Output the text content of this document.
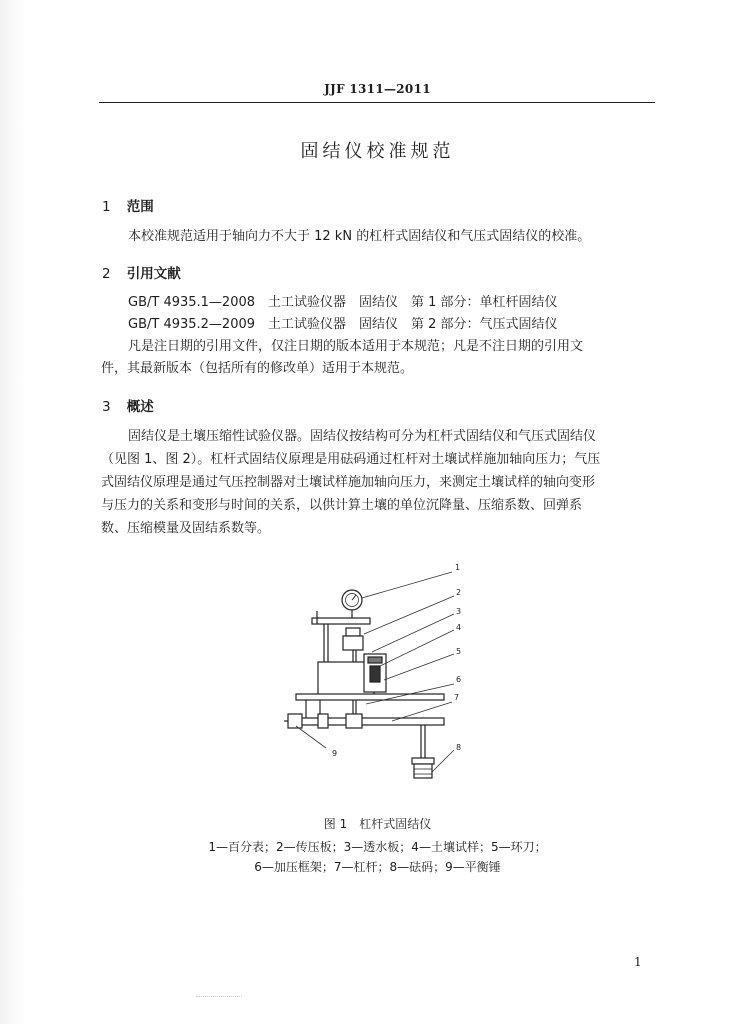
JJF 1311—2011
固结仪校准规范
1 范围
本校准规范适用于轴向力不大于 12 kN 的杠杆式固结仪和气压式固结仪的校准。
2 引用文献
GB/T 4935.1—2008　土工试验仪器　固结仪　第 1 部分：单杠杆固结仪
GB/T 4935.2—2009　土工试验仪器　固结仪　第 2 部分：气压式固结仪
凡是注日期的引用文件，仅注日期的版本适用于本规范；凡是不注日期的引用文
件，其最新版本（包括所有的修改单）适用于本规范。
3 概述
固结仪是土壤压缩性试验仪器。固结仪按结构可分为杠杆式固结仪和气压式固结仪
（见图 1、图 2）。杠杆式固结仪原理是用砝码通过杠杆对土壤试样施加轴向压力；气压
式固结仪原理是通过气压控制器对土壤试样施加轴向压力，来测定土壤试样的轴向变形
与压力的关系和变形与时间的关系，以供计算土壤的单位沉降量、压缩系数、回弹系
数、压缩模量及固结系数等。
1
2
3
4
5
6
7
8
9
图 1　杠杆式固结仪
1—百分表；2—传压板；3—透水板；4—土壤试样；5—环刀；
6—加压框架；7—杠杆；8—砝码；9—平衡锤
1
